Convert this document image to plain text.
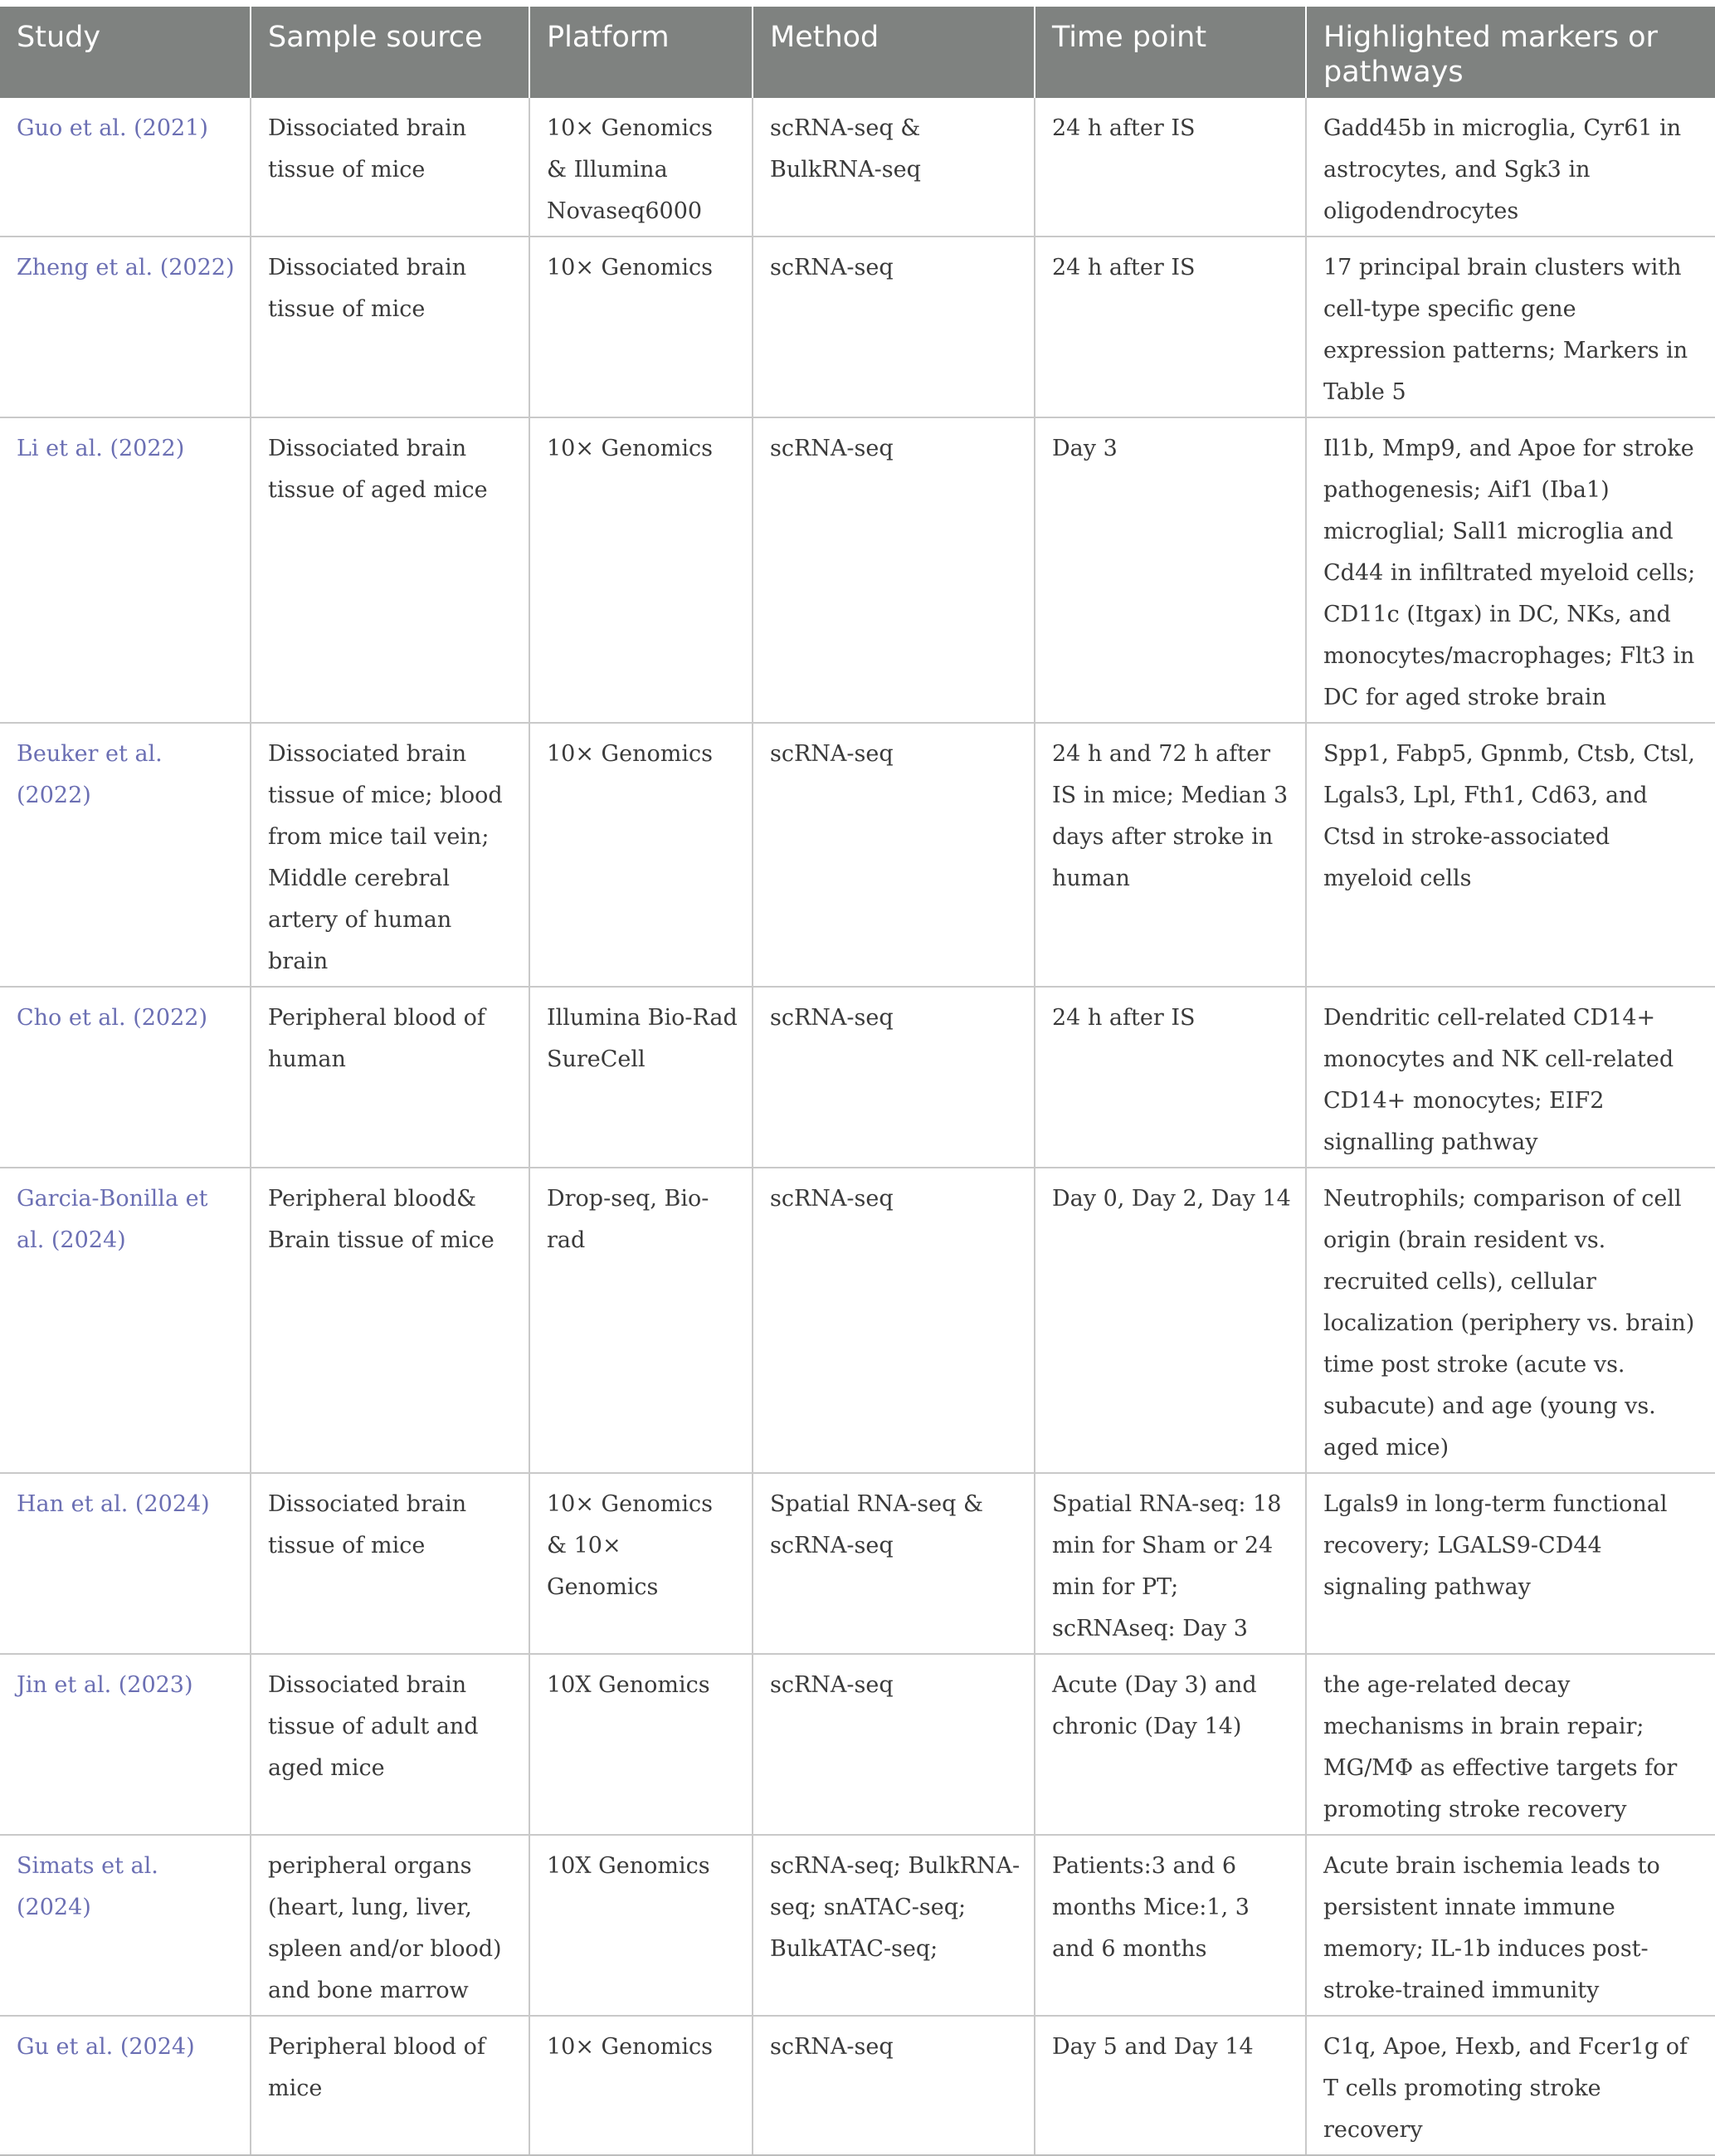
Study	Sample source	Platform	Method	Time point	Highlighted markers or pathways
Guo et al. (2021)	Dissociated brain tissue of mice	10× Genomics & Illumina Novaseq6000	scRNA-seq & BulkRNA-seq	24 h after IS	Gadd45b in microglia, Cyr61 in astrocytes, and Sgk3 in oligodendrocytes
Zheng et al. (2022)	Dissociated brain tissue of mice	10× Genomics	scRNA-seq	24 h after IS	17 principal brain clusters with cell-type specific gene expression patterns; Markers in Table 5
Li et al. (2022)	Dissociated brain tissue of aged mice	10× Genomics	scRNA-seq	Day 3	Il1b, Mmp9, and Apoe for stroke pathogenesis; Aif1 (Iba1) microglial; Sall1 microglia and Cd44 in infiltrated myeloid cells; CD11c (Itgax) in DC, NKs, and monocytes/macrophages; Flt3 in DC for aged stroke brain
Beuker et al. (2022)	Dissociated brain tissue of mice; blood from mice tail vein; Middle cerebral artery of human brain	10× Genomics	scRNA-seq	24 h and 72 h after IS in mice; Median 3 days after stroke in human	Spp1, Fabp5, Gpnmb, Ctsb, Ctsl, Lgals3, Lpl, Fth1, Cd63, and Ctsd in stroke-associated myeloid cells
Cho et al. (2022)	Peripheral blood of human	Illumina Bio-Rad SureCell	scRNA-seq	24 h after IS	Dendritic cell-related CD14+ monocytes and NK cell-related CD14+ monocytes; EIF2 signalling pathway
Garcia-Bonilla et al. (2024)	Peripheral blood& Brain tissue of mice	Drop-seq, Bio-rad	scRNA-seq	Day 0, Day 2, Day 14	Neutrophils; comparison of cell origin (brain resident vs. recruited cells), cellular localization (periphery vs. brain) time post stroke (acute vs. subacute) and age (young vs. aged mice)
Han et al. (2024)	Dissociated brain tissue of mice	10× Genomics & 10× Genomics	Spatial RNA-seq & scRNA-seq	Spatial RNA-seq: 18 min for Sham or 24 min for PT; scRNAseq: Day 3	Lgals9 in long-term functional recovery; LGALS9-CD44 signaling pathway
Jin et al. (2023)	Dissociated brain tissue of adult and aged mice	10X Genomics	scRNA-seq	Acute (Day 3) and chronic (Day 14)	the age-related decay mechanisms in brain repair; MG/MΦ as effective targets for promoting stroke recovery
Simats et al. (2024)	peripheral organs (heart, lung, liver, spleen and/or blood) and bone marrow	10X Genomics	scRNA-seq; BulkRNA-seq; snATAC-seq; BulkATAC-seq;	Patients:3 and 6 months Mice:1, 3 and 6 months	Acute brain ischemia leads to persistent innate immune memory; IL-1b induces post-stroke-trained immunity
Gu et al. (2024)	Peripheral blood of mice	10× Genomics	scRNA-seq	Day 5 and Day 14	C1q, Apoe, Hexb, and Fcer1g of T cells promoting stroke recovery
